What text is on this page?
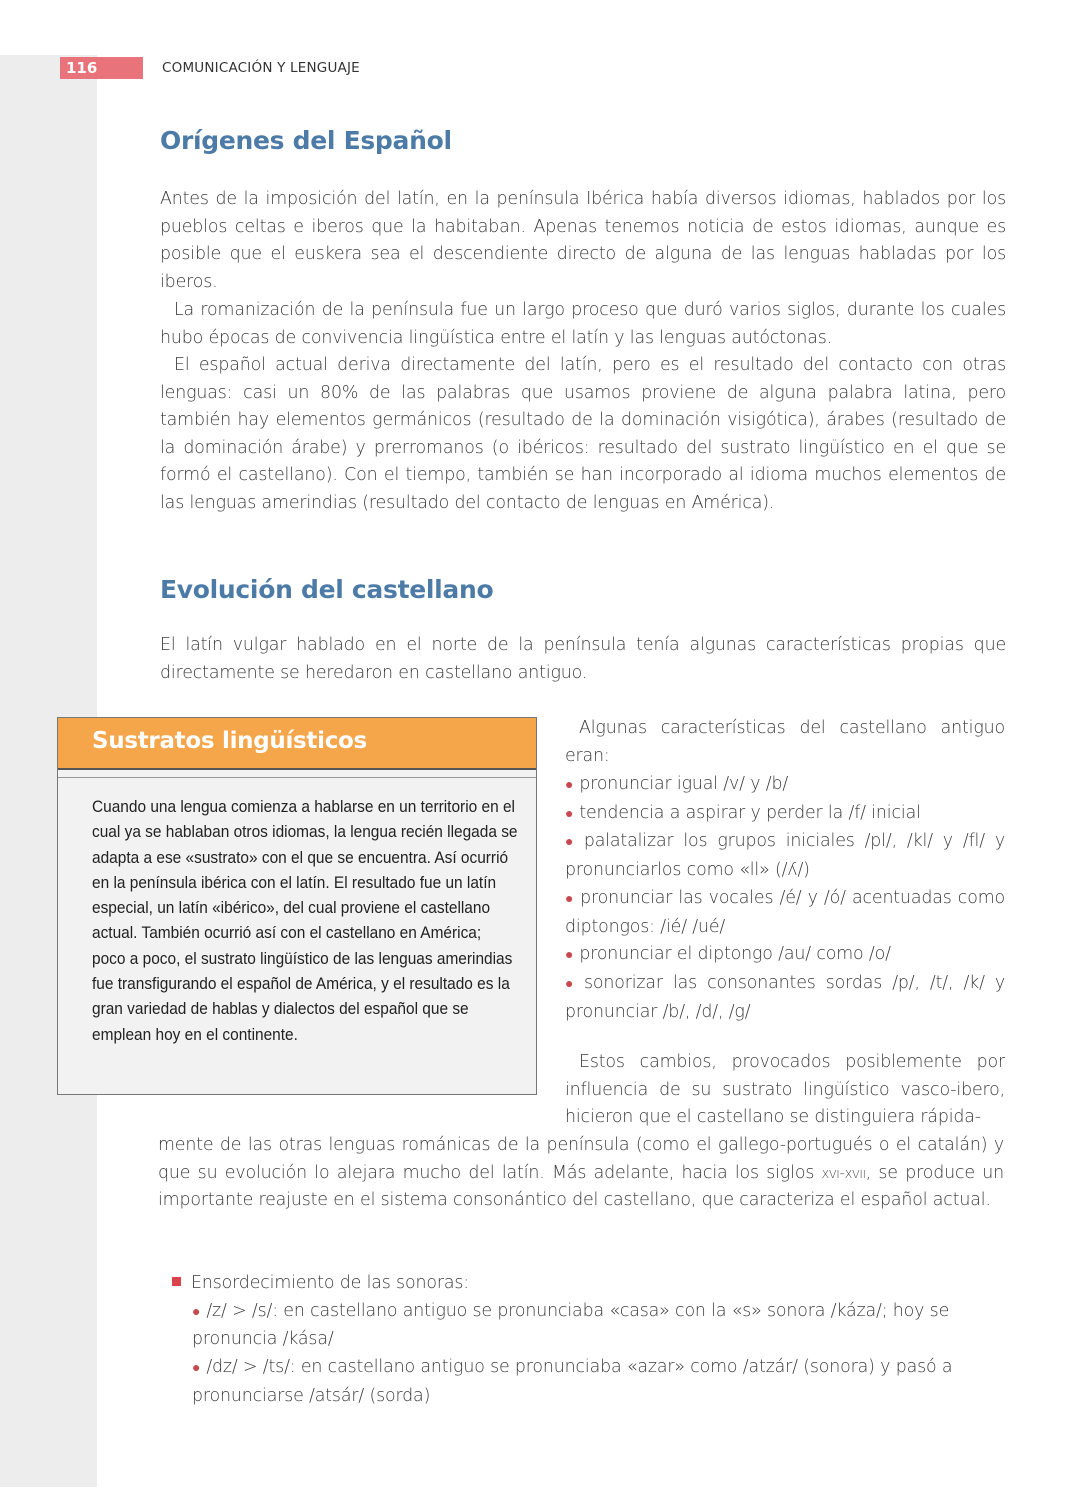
116	COMUNICACIÓN Y LENGUAJE
Orígenes del Español

Antes de la imposición del latín, en la península Ibérica había diversos idiomas, hablados por los pueblos celtas e iberos que la habitaban. Apenas tenemos noticia de estos idiomas, aunque es posible que el euskera sea el descendiente directo de alguna de las lenguas habladas por los iberos.

La romanización de la península fue un largo proceso que duró varios siglos, durante los cuales hubo épocas de convivencia lingüística entre el latín y las lenguas autóctonas.

El español actual deriva directamente del latín, pero es el resultado del contacto con otras lenguas: casi un 80% de las palabras que usamos proviene de alguna palabra latina, pero también hay elementos germánicos (resultado de la dominación visigótica), árabes (resultado de la dominación árabe) y prerromanos (o ibéricos: resultado del sustrato lingüístico en el que se formó el castellano). Con el tiempo, también se han incorporado al idioma muchos elementos de las lenguas amerindias (resultado del contacto de lenguas en América).

Evolución del castellano

El latín vulgar hablado en el norte de la península tenía algunas características propias que directamente se heredaron en castellano antiguo.

Sustratos lingüísticos

Cuando una lengua comienza a hablarse en un territorio en el cual ya se hablaban otros idiomas, la lengua recién llegada se adapta a ese «sustrato» con el que se encuentra. Así ocurrió en la península ibérica con el latín. El resultado fue un latín especial, un latín «ibérico», del cual proviene el castellano actual. También ocurrió así con el castellano en América; poco a poco, el sustrato lingüístico de las lenguas amerindias fue transfigurando el español de América, y el resultado es la gran variedad de hablas y dialectos del español que se emplean hoy en el continente.

Algunas características del castellano antiguo eran:
● pronunciar igual /v/ y /b/
● tendencia a aspirar y perder la /f/ inicial
● palatalizar los grupos iniciales /pl/, /kl/ y /fl/ y pronunciarlos como «ll» (/ʎ/)
● pronunciar las vocales /é/ y /ó/ acentuadas como diptongos: /ié/ /ué/
● pronunciar el diptongo /au/ como /o/
● sonorizar las consonantes sordas /p/, /t/, /k/ y pronunciar /b/, /d/, /g/
Estos cambios, provocados posiblemente por influencia de su sustrato lingüístico vasco-ibero, hicieron que el castellano se distinguiera rápida-

mente de las otras lenguas románicas de la península (como el gallego-portugués o el catalán) y que su evolución lo alejara mucho del latín. Más adelante, hacia los siglos xvi-xvii, se produce un importante reajuste en el sistema consonántico del castellano, que caracteriza el español actual.

Ensordecimiento de las sonoras:
● /z/ > /s/: en castellano antiguo se pronunciaba «casa» con la «s» sonora /káza/; hoy se pronuncia /kása/
● /dz/ > /ts/: en castellano antiguo se pronunciaba «azar» como /atzár/ (sonora) y pasó a pronunciarse /atsár/ (sorda)
